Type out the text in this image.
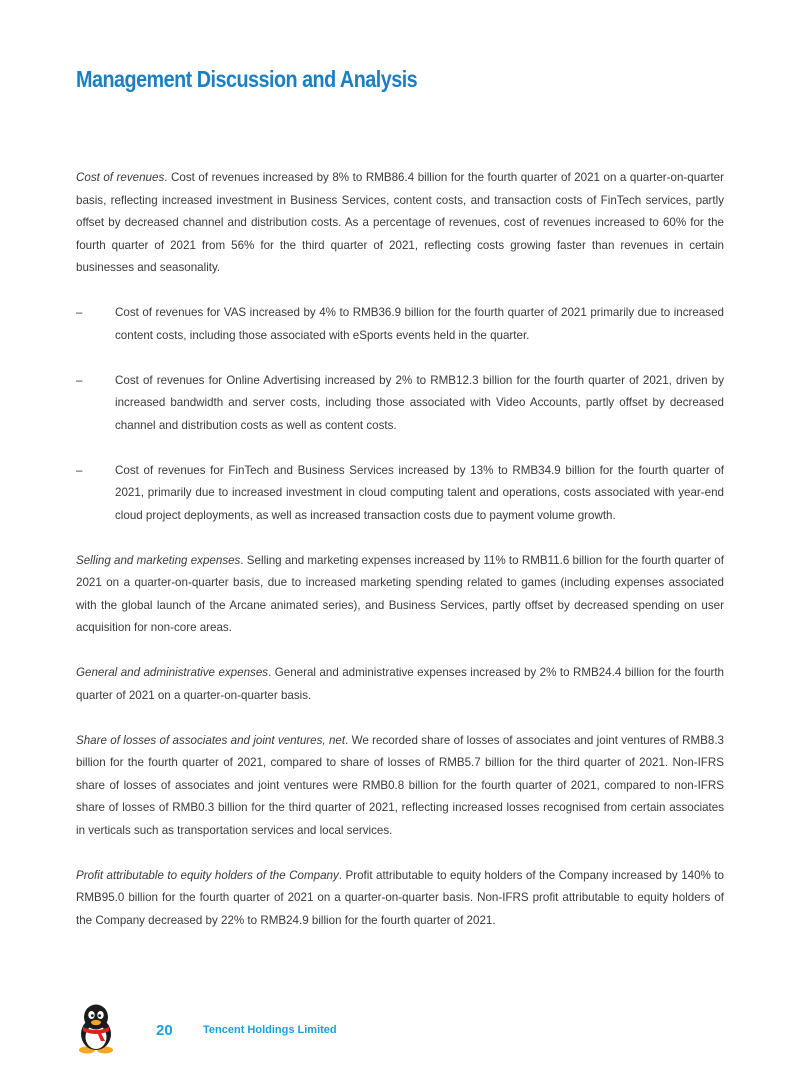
Management Discussion and Analysis

Cost of revenues. Cost of revenues increased by 8% to RMB86.4 billion for the fourth quarter of 2021 on a quarter-on-quarter basis, reflecting increased investment in Business Services, content costs, and transaction costs of FinTech services, partly offset by decreased channel and distribution costs. As a percentage of revenues, cost of revenues increased to 60% for the fourth quarter of 2021 from 56% for the third quarter of 2021, reflecting costs growing faster than revenues in certain businesses and seasonality.

–	Cost of revenues for VAS increased by 4% to RMB36.9 billion for the fourth quarter of 2021 primarily due to increased content costs, including those associated with eSports events held in the quarter.
–	Cost of revenues for Online Advertising increased by 2% to RMB12.3 billion for the fourth quarter of 2021, driven by increased bandwidth and server costs, including those associated with Video Accounts, partly offset by decreased channel and distribution costs as well as content costs.
–	Cost of revenues for FinTech and Business Services increased by 13% to RMB34.9 billion for the fourth quarter of 2021, primarily due to increased investment in cloud computing talent and operations, costs associated with year-end cloud project deployments, as well as increased transaction costs due to payment volume growth.

Selling and marketing expenses. Selling and marketing expenses increased by 11% to RMB11.6 billion for the fourth quarter of 2021 on a quarter-on-quarter basis, due to increased marketing spending related to games (including expenses associated with the global launch of the Arcane animated series), and Business Services, partly offset by decreased spending on user acquisition for non-core areas.

General and administrative expenses. General and administrative expenses increased by 2% to RMB24.4 billion for the fourth quarter of 2021 on a quarter-on-quarter basis.

Share of losses of associates and joint ventures, net. We recorded share of losses of associates and joint ventures of RMB8.3 billion for the fourth quarter of 2021, compared to share of losses of RMB5.7 billion for the third quarter of 2021. Non-IFRS share of losses of associates and joint ventures were RMB0.8 billion for the fourth quarter of 2021, compared to non-IFRS share of losses of RMB0.3 billion for the third quarter of 2021, reflecting increased losses recognised from certain associates in verticals such as transportation services and local services.

Profit attributable to equity holders of the Company. Profit attributable to equity holders of the Company increased by 140% to RMB95.0 billion for the fourth quarter of 2021 on a quarter-on-quarter basis. Non-IFRS profit attributable to equity holders of the Company decreased by 22% to RMB24.9 billion for the fourth quarter of 2021.

20	Tencent Holdings Limited
